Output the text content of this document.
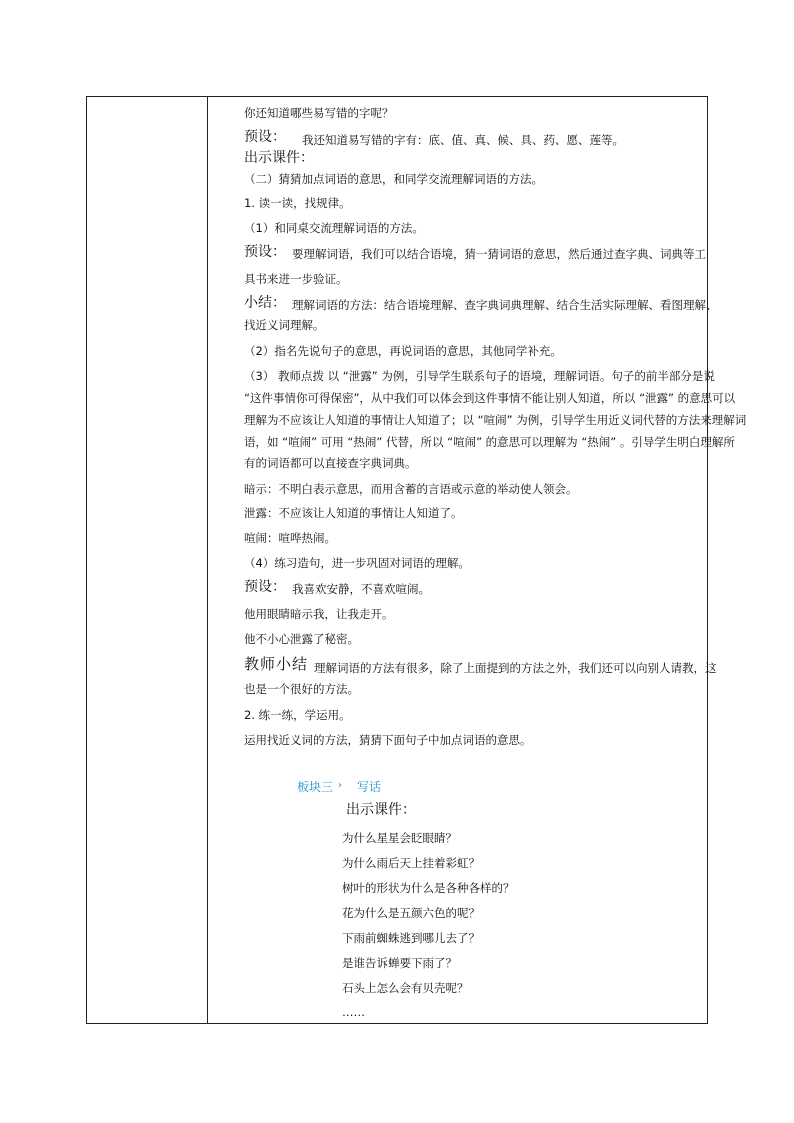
你还知道哪些易写错的字呢？
预设： 我还知道易写错的字有：底、值、真、候、具、药、愿、莲等。
出示课件：
（二）猜猜加点词语的意思，和同学交流理解词语的方法。
1. 读一读，找规律。
（1）和同桌交流理解词语的方法。
预设： 要理解词语，我们可以结合语境，猜一猜词语的意思，然后通过查字典、词典等工
具书来进一步验证。
小结： 理解词语的方法：结合语境理解、查字典词典理解、结合生活实际理解、看图理解、
找近义词理解。
（2）指名先说句子的意思，再说词语的意思，其他同学补充。
（3） 教师点拨 以 “泄露” 为例，引导学生联系句子的语境，理解词语。句子的前半部分是说
“这件事情你可得保密”，从中我们可以体会到这件事情不能让别人知道，所以 “泄露” 的意思可以
理解为不应该让人知道的事情让人知道了；以 “喧闹” 为例，引导学生用近义词代替的方法来理解词
语，如 “喧闹” 可用 “热闹” 代替，所以 “喧闹” 的意思可以理解为 “热闹” 。引导学生明白理解所
有的词语都可以直接查字典词典。
暗示：不明白表示意思，而用含蓄的言语或示意的举动使人领会。
泄露：不应该让人知道的事情让人知道了。
喧闹：喧哗热闹。
（4）练习造句，进一步巩固对词语的理解。
预设： 我喜欢安静，不喜欢喧闹。
他用眼睛暗示我，让我走开。
他不小心泄露了秘密。
教师小结 理解词语的方法有很多，除了上面提到的方法之外，我们还可以向别人请教，这
也是一个很好的方法。
2. 练一练，学运用。
运用找近义词的方法，猜猜下面句子中加点词语的意思。
板块三 › 写话
出示课件：
为什么星星会眨眼睛？
为什么雨后天上挂着彩虹？
树叶的形状为什么是各种各样的？
花为什么是五颜六色的呢？
下雨前蜘蛛逃到哪儿去了？
是谁告诉蝉要下雨了？
石头上怎么会有贝壳呢？
……
